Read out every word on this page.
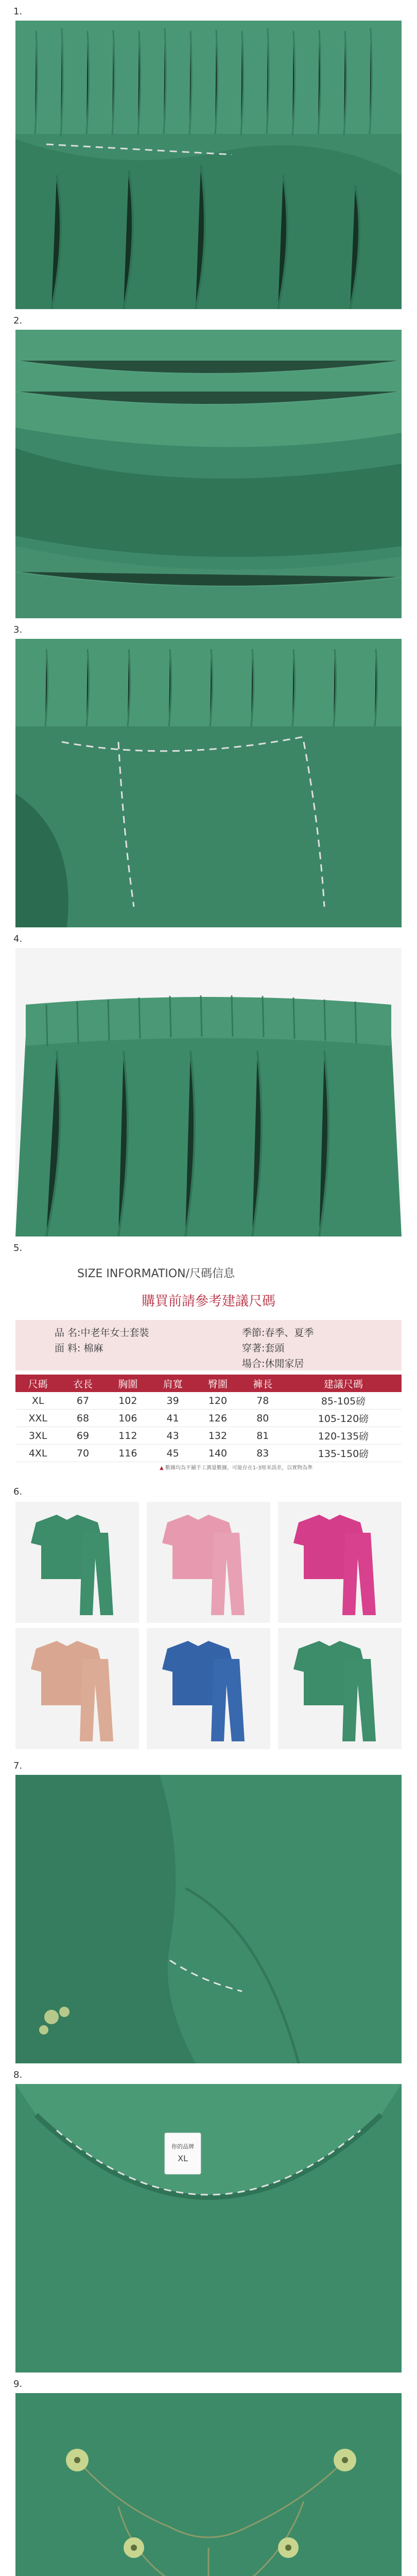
1.
2.
3.
4.
5.
SIZE INFORMATION/尺碼信息
購買前請參考建議尺碼
品 名:中老年女士套裝	季節:春季、夏季
面 料: 棉麻	穿著:套頭
場合:休閒家居
尺碼	衣長	胸圍	肩寬	臀圍	褲長	建議尺碼
XL	67	102	39	120	78	85-105磅
XXL	68	106	41	126	80	105-120磅
3XL	69	112	43	132	81	120-135磅
4XL	70	116	45	140	83	135-150磅
▲ 數據均為平鋪手工測量數據，可能存在1-3厘米誤差，以實物為準
6.
7.
8.
你的品牌
XL
9.
